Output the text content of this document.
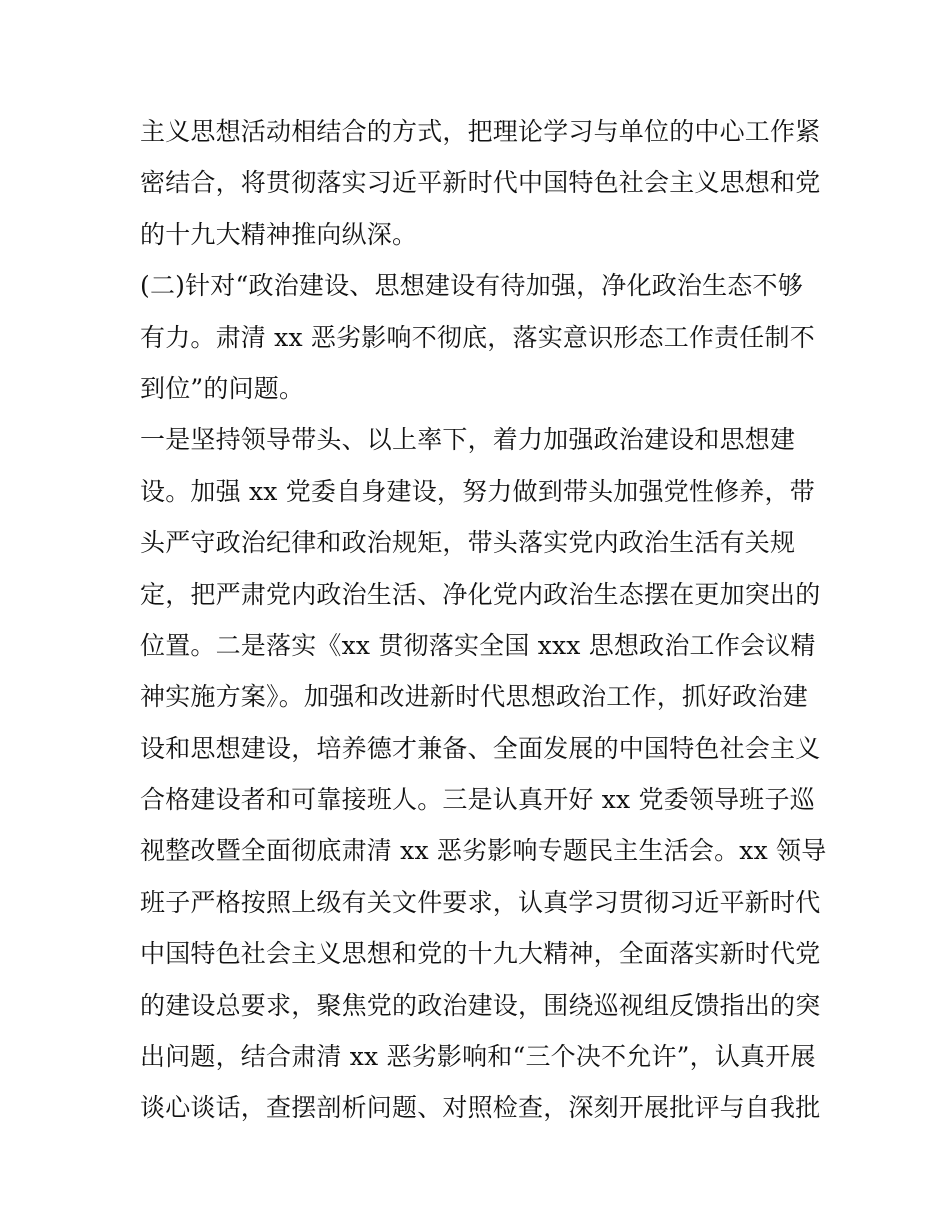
主义思想活动相结合的方式，把理论学习与单位的中心工作紧
密结合，将贯彻落实习近平新时代中国特色社会主义思想和党
的十九大精神推向纵深。
(二)针对“政治建设、思想建设有待加强，净化政治生态不够
有力。肃清 xx 恶劣影响不彻底，落实意识形态工作责任制不
到位”的问题。
一是坚持领导带头、以上率下，着力加强政治建设和思想建
设。加强 xx 党委自身建设，努力做到带头加强党性修养，带
头严守政治纪律和政治规矩，带头落实党内政治生活有关规
定，把严肃党内政治生活、净化党内政治生态摆在更加突出的
位置。二是落实《xx 贯彻落实全国 xxx 思想政治工作会议精
神实施方案》。加强和改进新时代思想政治工作，抓好政治建
设和思想建设，培养德才兼备、全面发展的中国特色社会主义
合格建设者和可靠接班人。三是认真开好 xx 党委领导班子巡
视整改暨全面彻底肃清 xx 恶劣影响专题民主生活会。xx 领导
班子严格按照上级有关文件要求，认真学习贯彻习近平新时代
中国特色社会主义思想和党的十九大精神，全面落实新时代党
的建设总要求，聚焦党的政治建设，围绕巡视组反馈指出的突
出问题，结合肃清 xx 恶劣影响和“三个决不允许”，认真开展
谈心谈话，查摆剖析问题、对照检查，深刻开展批评与自我批
